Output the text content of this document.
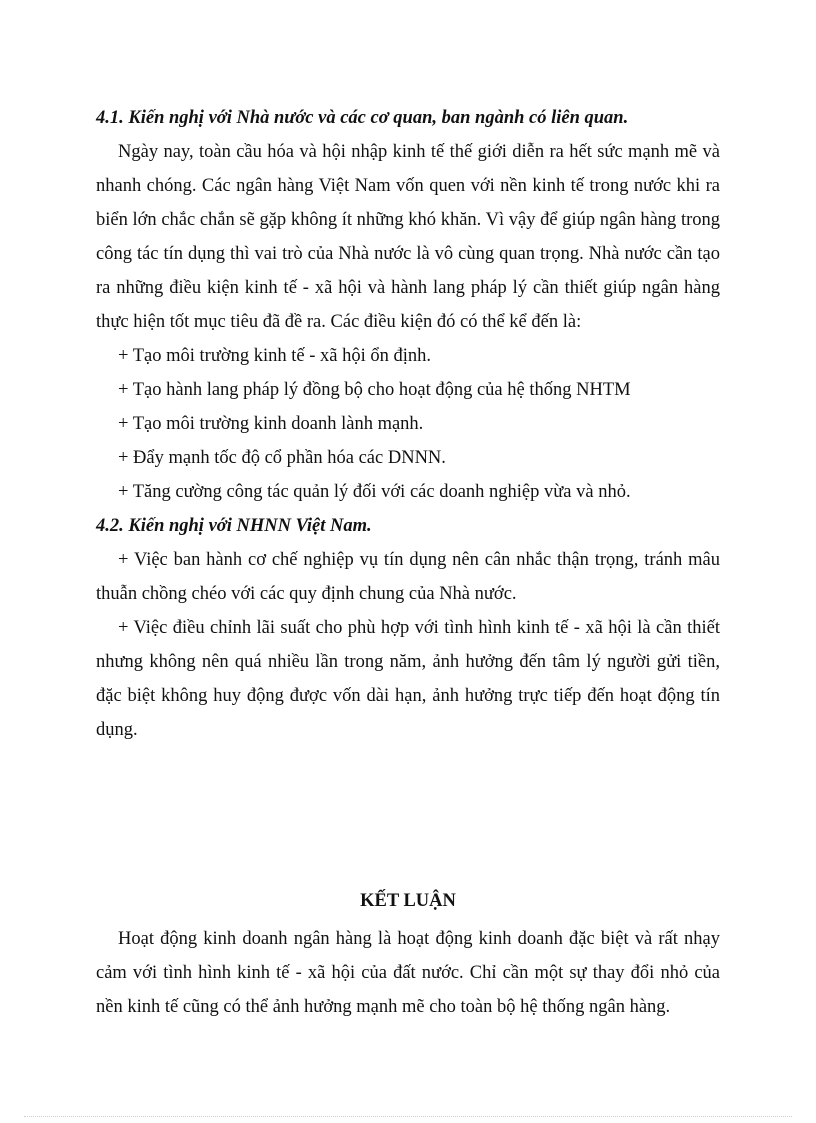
4.1. Kiến nghị với Nhà nước và các cơ quan, ban ngành có liên quan.

Ngày nay, toàn cầu hóa và hội nhập kinh tế thế giới diễn ra hết sức mạnh mẽ và nhanh chóng. Các ngân hàng Việt Nam vốn quen với nền kinh tế trong nước khi ra biển lớn chắc chắn sẽ gặp không ít những khó khăn. Vì vậy để giúp ngân hàng trong công tác tín dụng thì vai trò của Nhà nước là vô cùng quan trọng. Nhà nước cần tạo ra những điều kiện kinh tế - xã hội và hành lang pháp lý cần thiết giúp ngân hàng thực hiện tốt mục tiêu đã đề ra. Các điều kiện đó có thể kể đến là:

+ Tạo môi trường kinh tế - xã hội ổn định.

+ Tạo hành lang pháp lý đồng bộ cho hoạt động của hệ thống NHTM

+ Tạo môi trường kinh doanh lành mạnh.

+ Đẩy mạnh tốc độ cổ phần hóa các DNNN.

+ Tăng cường công tác quản lý đối với các doanh nghiệp vừa và nhỏ.

4.2. Kiến nghị với NHNN Việt Nam.

+ Việc ban hành cơ chế nghiệp vụ tín dụng nên cân nhắc thận trọng, tránh mâu thuẫn chồng chéo với các quy định chung của Nhà nước.

+ Việc điều chỉnh lãi suất cho phù hợp với tình hình kinh tế - xã hội là cần thiết nhưng không nên quá nhiều lần trong năm, ảnh hưởng đến tâm lý người gửi tiền, đặc biệt không huy động được vốn dài hạn, ảnh hưởng trực tiếp đến hoạt động tín dụng.

KẾT LUẬN

Hoạt động kinh doanh ngân hàng là hoạt động kinh doanh đặc biệt và rất nhạy cảm với tình hình kinh tế - xã hội của đất nước. Chỉ cần một sự thay đổi nhỏ của nền kinh tế cũng có thể ảnh hưởng mạnh mẽ cho toàn bộ hệ thống ngân hàng.
